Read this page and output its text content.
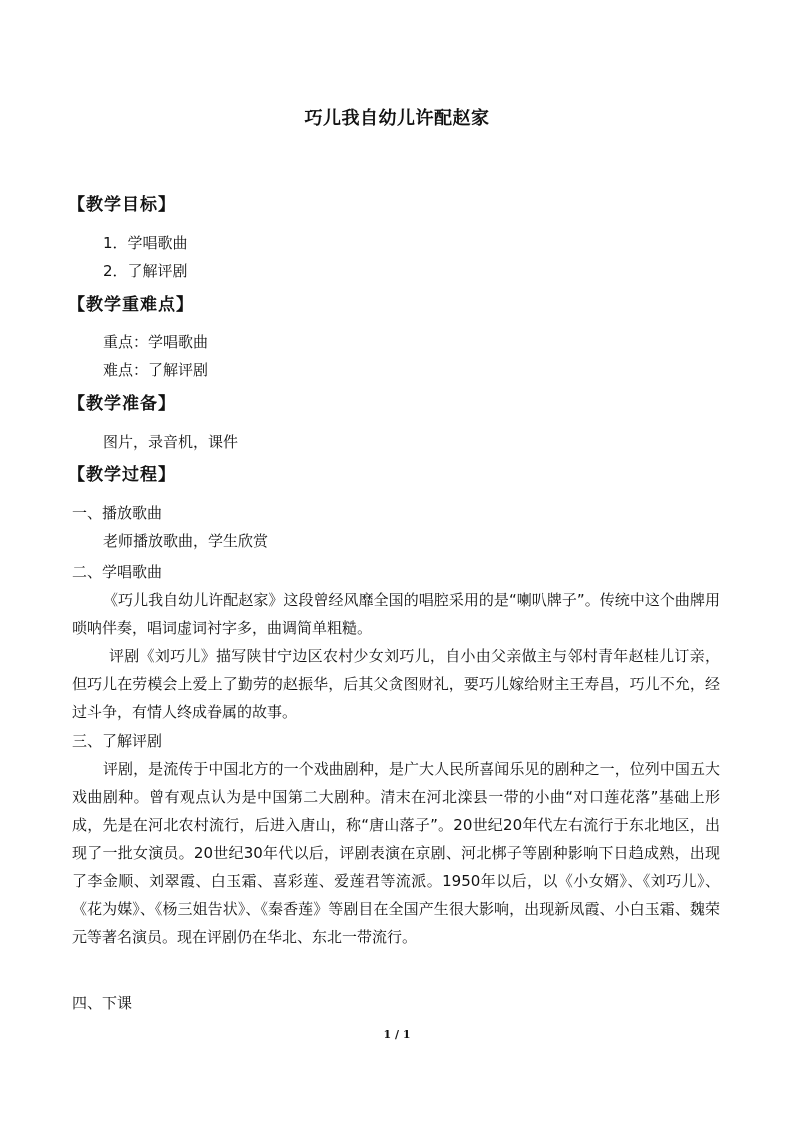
巧儿我自幼儿许配赵家
【教学目标】
1．学唱歌曲
2．了解评剧
【教学重难点】
重点：学唱歌曲
难点：了解评剧
【教学准备】
图片，录音机，课件
【教学过程】
一、播放歌曲
老师播放歌曲，学生欣赏
二、学唱歌曲
《巧儿我自幼儿许配赵家》这段曾经风靡全国的唱腔采用的是“喇叭牌子”。传统中这个曲牌用唢呐伴奏，唱词虚词衬字多，曲调简单粗糙。
评剧《刘巧儿》描写陕甘宁边区农村少女刘巧儿，自小由父亲做主与邻村青年赵桂儿订亲，但巧儿在劳模会上爱上了勤劳的赵振华，后其父贪图财礼，要巧儿嫁给财主王寿昌，巧儿不允，经过斗争，有情人终成眷属的故事。
三、了解评剧
评剧，是流传于中国北方的一个戏曲剧种，是广大人民所喜闻乐见的剧种之一，位列中国五大戏曲剧种。曾有观点认为是中国第二大剧种。清末在河北滦县一带的小曲“对口莲花落”基础上形成，先是在河北农村流行，后进入唐山，称“唐山落子”。20世纪20年代左右流行于东北地区，出现了一批女演员。20世纪30年代以后，评剧表演在京剧、河北梆子等剧种影响下日趋成熟，出现了李金顺、刘翠霞、白玉霜、喜彩莲、爱莲君等流派。1950年以后，以《小女婿》、《刘巧儿》、《花为媒》、《杨三姐告状》、《秦香莲》等剧目在全国产生很大影响，出现新凤霞、小白玉霜、魏荣元等著名演员。现在评剧仍在华北、东北一带流行。
四、下课
1 / 1
